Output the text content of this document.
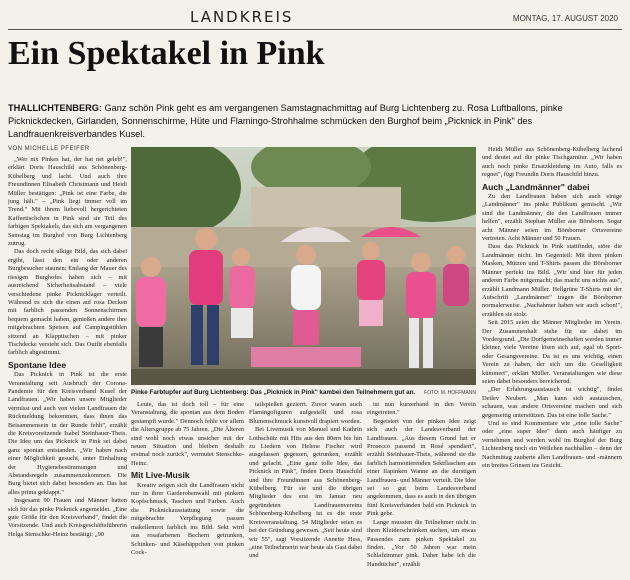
LANDKREIS	MONTAG, 17. AUGUST 2020
Ein Spektakel in Pink
THALLICHTENBERG: Ganz schön Pink geht es am vergangenen Samstagnachmittag auf Burg Lichtenberg zu. Rosa Luftballons, pinke Picknickdecken, Girlanden, Sonnenschirme, Hüte und Flamingo-Strohhalme schmücken den Burghof beim „Picknick in Pink" des Landfrauenkreisverbandes Kusel.
VON MICHELLE PFEIFER

„Wer nix Pinkes hat, der hat net geleb!", erklärt Doris Hauschild aus Schönenberg-Kübelberg und lacht. Und auch ihre Freundinnen Elisabeth Christmann und Heidi Müller bestätigen: „Pink ist eine Farbe, die jung hält." – „Pink liegt immer voll im Trend." Mit ihrem liebevoll hergerichteten Kaffeetischchen in Pink sind sie Teil des farbigen Spektakels, das sich am vergangenen Samstag im Burghof von Burg Lichtenberg zutrug.

Das doch recht ulkige Bild, das sich dabei ergibt, lässt den ein oder anderen Burgbesucher staunen: Entlang der Mauer des riesigen Burghofes haben sich – mit ausreichend Sicherheitsabstand – viele verschiedene pinke Picknicklager verteilt. Während es sich die einen auf rosa Decken mit farblich passenden Sonnenschirmen bequem gemacht haben, genießen andere ihre mitgebrachten Speisen auf Campingstühlen sitzend an Klapptischen – mit pinker Tischdecke versteht sich. Das Outfit ebenfalls farblich abgestimmt.

Spontane Idee

Das Picknick in Pink ist die erste Veranstaltung seit Ausbruch der Corona-Pandemie für den Kreisverband Kusel der Landfrauen. „Wir haben unsere Mitglieder vermisst und auch von vielen Landfrauen die Rückmeldung bekommen, dass ihnen das Beisammensein in der Runde fehlt", erzählt die Kreisvorsitzende Isabel Steinhauer-Theis. Die Idee um das Picknick in Pink sei dabei ganz spontan entstanden. „Wir haben nach einer Möglichkeit gesucht, unter Einhaltung der Hygienebestimmungen und Abstandsregeln zusammenzukommen. Die Burg bietet sich dabei besonders an. Das hat alles prima geklappt."

Insgesamt 90 Frauen und Männer hatten sich für das pinke Picknick angemeldet. „Eine gute Größe für den Kreisverband", findet die Vorsitzende. Und auch Kreisgeschäftsführerin Helga Stenschke-Heinz bestätigt: „90

Pinke Farbtupfer auf Burg Lichtenberg: Das „Picknick in Pink" kambei den Teilnehmern gut an. FOTO: M. HOFFMANN

Leute, das ist doch toll – für eine Veranstaltung, die spontan aus dem Boden gestampft wurde." Dennoch fehle vor allem die Altersgruppe ab 75 Jahren. „Die Älteren sind wohl noch etwas unsicher mit der neuen Situation und bleiben deshalb erstmal noch zurück", vermutet Stenschke-Heinz.

Mit Live-Musik

Kreativ zeigen sich die Landfrauen nicht nur in ihrer Garderobenwahl mit pinkem Kopfschmuck, Taschen und Farben. Auch die Picknickausstattung sowie die mitgebrachte Verpflegung passen makellemrot farblich ins Bild. Sekt wird aus rosafarbenen Bechern getrunken, Schinken- und Käsehäppchen von pinken Cock-

tailspießen gezierrt. Zuvor waren auch Flamingofiguren aufgestellt und rosa Blumenschmuck kunstvoll drapiert worden.

Bei Livemusik von Manuel und Kathrin Lothschütz mit Hits aus den 80ern bis hin zu Liedern von Helene Fischer wird ausgelassen gegessen, getrunken, erzählt und gelacht. „Eine ganz tolle Idee, das Picknick in Pink", finden Doris Hauschild und ihre Freundinnen aus Schönenberg-Kübelberg. Für sie und die übrigen Mitglieder des erst im Januar neu gegründeten Landfrauenvereins Schönenberg-Kübelberg ist es die erste Kreisveranstaltung. 54 Mitglieder seien es bei der Gründung gewesen. „Seit heute sind wir 55", sagt Vorsitzende Annette Hess, „eine Teilnehmerin war heute als Gast dabei und

ist nun kurzerhand in den Verein eingetreten."

Begeistert von der pinken Idee zeigt sich auch der Landesverband der Landfrauen. „Aus diesem Grund hat er Prosecco passend in Rosé spendiert", erzählt Steinhauer-Theis, während sie die farblich harmonierenden Sektflaschen aus einer Ilapinken Wanne an die durstigen Landfrauen- und Männer verteilt. Die Idee sei so gut beim Landesverband angekommen, dass es auch in den übrigen fünf Kreisverbänden bald ein Picknick in Pink gebe.

Lange mussten die Teilnehmer nicht in ihren Kleiderschränken suchen, um etwas Passendes zum pinken Spektakel zu finden. „Vor 50 Jahren war mein Schlafzimmer pink. Daher habe ich die Handtücher", erzählt

Heidi Müller aus Schönenberg-Kübelberg lachend und deutet auf die pinke Tischgarnitur. „Wir haben auch noch pinke Ersatzkleidung im Auto, falls es regnet", fügt Freundin Doris Hauschild hinzu.

Auch „Landmänner" dabei

Zu den Landfrauen haben sich auch einige „Landmänner" ins pinke Publikum gemischt. „Wir sind die Landmänner, die den Landfrauen immer helfen", erzählt Stephan Müller aus Börsborn. Sogar acht Männer seien im Börsborner Ortsvereine vertreten. Acht Männer und 50 Frauen.

Dass das Picknick in Pink stattfindet, störe die Landmänner nicht. Im Gegenteil: Mit ihren pinken Masken, Mützen und T-Shirts passen die Börsborner Männer perfekt ins Bild. „Wir sind hier für jeden anderen Farbe mitgemacht; das macht uns nichts aus", erzählt Landmann Müller. Hellgrüne T-Shirts mit der Aufschrift „Landmänner" tragen die Börsborner normalerweise. „Nachahmer haben wir auch schon!", erzählen sie stolz.

Seit 2015 seien die Männer Mitglieder im Verein. Der Zusammenhalt stehe für sie dabei im Vordergrund. „Die Dorfgemeinschaften werden immer kleiner, viele Vereine lösen sich auf, egal ob Sport- oder Gesangsvereine. Da ist es uns wichtig, einen Verein zu haben, der sich um die Geselligkeit kümmert", erklärt Müller. Veranstaltungen wie diese seien dabei besonders bereichernd.

„Der Erfahrungsaustausch ist wichtig", findet Detlev Neubert. „Man kann sich austauschen, schauen, was andere Ortsvereine machen und sich gegenseitig unterstützen. Das ist eine tolle Sache."

Und so sind Kommentare wie „eine tolle Sache" oder „eine super Idee" dann auch häufiger zu vernehmen und werden wohl im Burghof der Burg Lichtenberg noch ein Weilchen nachhallen – denn der Nachmittag zauberte allen Landfrauen- und -männern ein breites Grinsen ins Gesicht.
